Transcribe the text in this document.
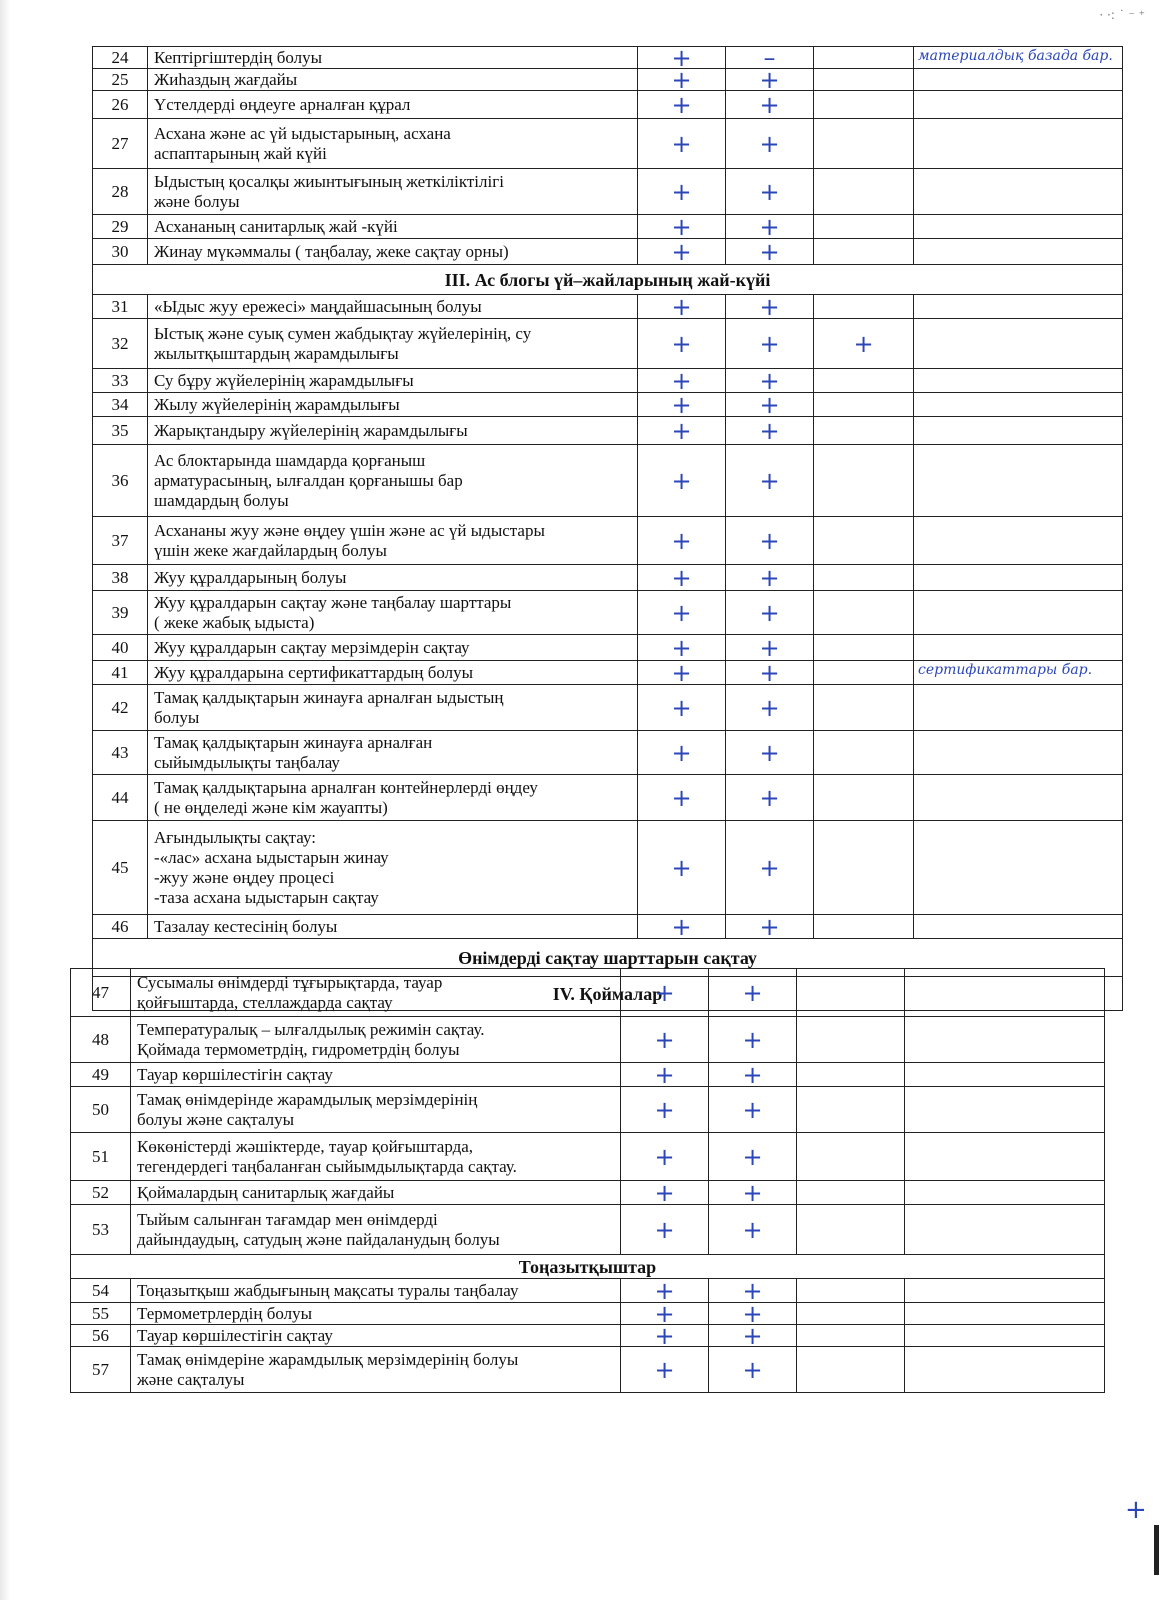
· ·: ˙ ⁻ ⁺
24	Кептіргіштердің болуы	+	–		материалдық базада бар.
25	Жиһаздың жағдайы	+	+		
26	Үстелдерді өңдеуге арналған құрал	+	+		
27	Асхана және ас үй ыдыстарының, асхана
аспаптарының жай күйі	+	+		
28	Ыдыстың қосалқы жиынтығының жеткіліктілігі
және болуы	+	+		
29	Асхананың санитарлық жай -күйі	+	+		
30	Жинау мүкәммалы ( таңбалау, жеке сақтау орны)	+	+		
III. Ас блогы үй–жайларының жай-күйі					
31	«Ыдыс жуу ережесі» маңдайшасының болуы	+	+		
32	Ыстық және суық сумен жабдықтау жүйелерінің, су
жылытқыштардың жарамдылығы	+	+	+	
33	Су бұру жүйелерінің жарамдылығы	+	+		
34	Жылу жүйелерінің жарамдылығы	+	+		
35	Жарықтандыру жүйелерінің жарамдылығы	+	+		
36	Ас блоктарында шамдарда қорғаныш
арматурасының, ылғалдан қорғанышы бар
шамдардың болуы	+	+		
37	Асхананы жуу және өңдеу үшін және ас үй ыдыстары
үшін жеке жағдайлардың болуы	+	+		
38	Жуу құралдарының болуы	+	+		
39	Жуу құралдарын сақтау және таңбалау шарттары
( жеке жабық ыдыста)	+	+		
40	Жуу құралдарын сақтау мерзімдерін сақтау	+	+		
41	Жуу құралдарына сертификаттардың болуы	+	+		сертификаттары бар.
42	Тамақ қалдықтарын жинауға арналған ыдыстың
болуы	+	+		
43	Тамақ қалдықтарын жинауға арналған
сыйымдылықты таңбалау	+	+		
44	Тамақ қалдықтарына арналған контейнерлерді өңдеу
( не өңделеді және кім жауапты)	+	+		
45	Ағындылықты сақтау:
-«лас» асхана ыдыстарын жинау
-жуу және өңдеу процесі
-таза асхана ыдыстарын сақтау	+	+		
46	Тазалау кестесінің болуы	+	+		
Өнімдерді сақтау шарттарын сақтау					
IV. Қоймалар					
47	Сусымалы өнімдерді тұғырықтарда, тауар
қойғыштарда, стеллаждарда сақтау	+	+		
48	Температуралық – ылғалдылық режимін сақтау.
Қоймада термометрдің, гидрометрдің болуы	+	+		
49	Тауар көршілестігін сақтау	+	+		
50	Тамақ өнімдерінде жарамдылық мерзімдерінің
болуы және сақталуы	+	+		
51	Көкөністерді жәшіктерде, тауар қойғыштарда,
тегендердегі таңбаланған сыйымдылықтарда сақтау.	+	+		
52	Қоймалардың санитарлық жағдайы	+	+		
53	Тыйым салынған тағамдар мен өнімдерді
дайындаудың, сатудың және пайдаланудың болуы	+	+		
Тоңазытқыштар					
54	Тоңазытқыш жабдығының мақсаты туралы таңбалау	+	+		
55	Термометрлердің болуы	+	+		
56	Тауар көршілестігін сақтау	+	+		
57	Тамақ өнімдеріне жарамдылық мерзімдерінің болуы
және сақталуы	+	+		
+
